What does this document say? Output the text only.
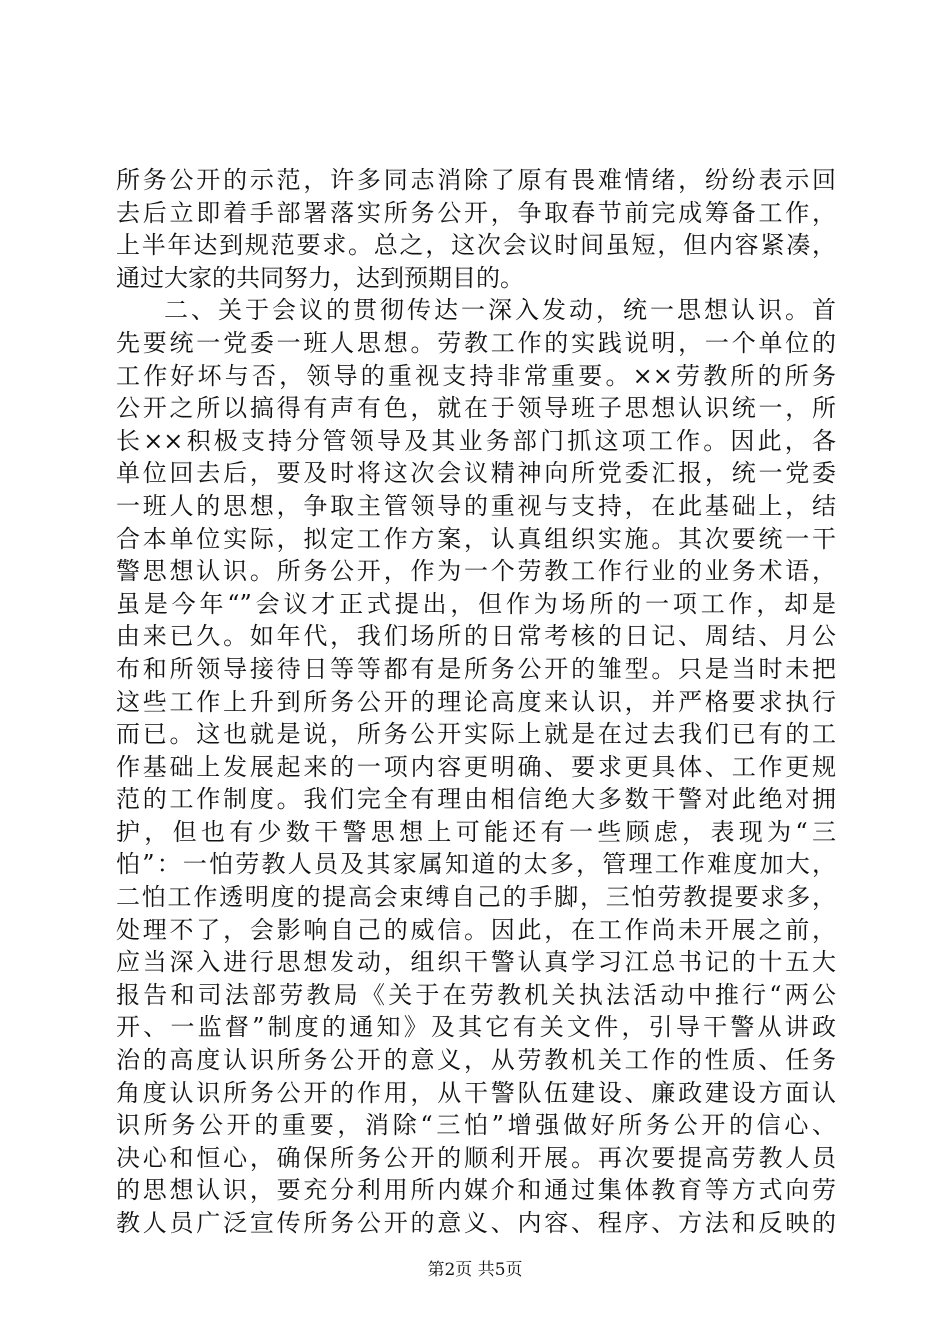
所务公开的示范，许多同志消除了原有畏难情绪，纷纷表示回
去后立即着手部署落实所务公开，争取春节前完成筹备工作，
上半年达到规范要求。总之，这次会议时间虽短，但内容紧凑，
通过大家的共同努力，达到预期目的。
二、关于会议的贯彻传达一深入发动，统一思想认识。首
先要统一党委一班人思想。劳教工作的实践说明，一个单位的
工作好坏与否，领导的重视支持非常重要。××劳教所的所务
公开之所以搞得有声有色，就在于领导班子思想认识统一，所
长××积极支持分管领导及其业务部门抓这项工作。因此，各
单位回去后，要及时将这次会议精神向所党委汇报，统一党委
一班人的思想，争取主管领导的重视与支持，在此基础上，结
合本单位实际，拟定工作方案，认真组织实施。其次要统一干
警思想认识。所务公开，作为一个劳教工作行业的业务术语，
虽是今年“”会议才正式提出，但作为场所的一项工作，却是
由来已久。如年代，我们场所的日常考核的日记、周结、月公
布和所领导接待日等等都有是所务公开的雏型。只是当时未把
这些工作上升到所务公开的理论高度来认识，并严格要求执行
而已。这也就是说，所务公开实际上就是在过去我们已有的工
作基础上发展起来的一项内容更明确、要求更具体、工作更规
范的工作制度。我们完全有理由相信绝大多数干警对此绝对拥
护，但也有少数干警思想上可能还有一些顾虑，表现为“三
怕”：一怕劳教人员及其家属知道的太多，管理工作难度加大，
二怕工作透明度的提高会束缚自己的手脚，三怕劳教提要求多，
处理不了，会影响自己的威信。因此，在工作尚未开展之前，
应当深入进行思想发动，组织干警认真学习江总书记的十五大
报告和司法部劳教局《关于在劳教机关执法活动中推行“两公
开、一监督”制度的通知》及其它有关文件，引导干警从讲政
治的高度认识所务公开的意义，从劳教机关工作的性质、任务
角度认识所务公开的作用，从干警队伍建设、廉政建设方面认
识所务公开的重要，消除“三怕”增强做好所务公开的信心、
决心和恒心，确保所务公开的顺利开展。再次要提高劳教人员
的思想认识，要充分利用所内媒介和通过集体教育等方式向劳
教人员广泛宣传所务公开的意义、内容、程序、方法和反映的
第2页 共5页
